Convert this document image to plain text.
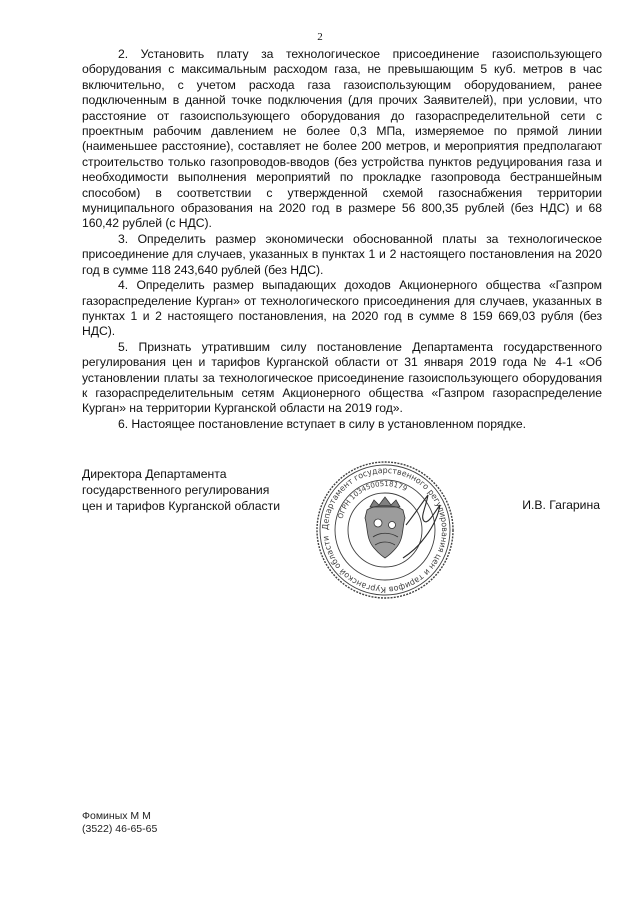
2

2. Установить плату за технологическое присоединение газоиспользующего оборудования с максимальным расходом газа, не превышающим 5 куб. метров в час включительно, с учетом расхода газа газоиспользующим оборудованием, ранее подключенным в данной точке подключения (для прочих Заявителей), при условии, что расстояние от газоиспользующего оборудования до газораспределительной сети с проектным рабочим давлением не более 0,3 МПа, измеряемое по прямой линии (наименьшее расстояние), составляет не более 200 метров, и мероприятия предполагают строительство только газопроводов-вводов (без устройства пунктов редуцирования газа и необходимости выполнения мероприятий по прокладке газопровода бестраншейным способом) в соответствии с утвержденной схемой газоснабжения территории муниципального образования на 2020 год в размере 56 800,35 рублей (без НДС) и 68 160,42 рублей (с НДС).

3. Определить размер экономически обоснованной платы за технологическое присоединение для случаев, указанных в пунктах 1 и 2 настоящего постановления на 2020 год в сумме 118 243,640 рублей (без НДС).

4. Определить размер выпадающих доходов Акционерного общества «Газпром газораспределение Курган» от технологического присоединения для случаев, указанных в пунктах 1 и 2 настоящего постановления, на 2020 год в сумме 8 159 669,03 рубля (без НДС).

5. Признать утратившим силу постановление Департамента государственного регулирования цен и тарифов Курганской области от 31 января 2019 года № 4-1 «Об установлении платы за технологическое присоединение газоиспользующего оборудования к газораспределительным сетям Акционерного общества «Газпром газораспределение Курган» на территории Курганской области на 2019 год».

6. Настоящее постановление вступает в силу в установленном порядке.

Директора Департамента
государственного регулирования
цен и тарифов Курганской области
Департамент государственного регулирования цен и тарифов Курганской области
ОГРН 1034500518179
И.В. Гагарина
Фоминых М М
(3522) 46-65-65
